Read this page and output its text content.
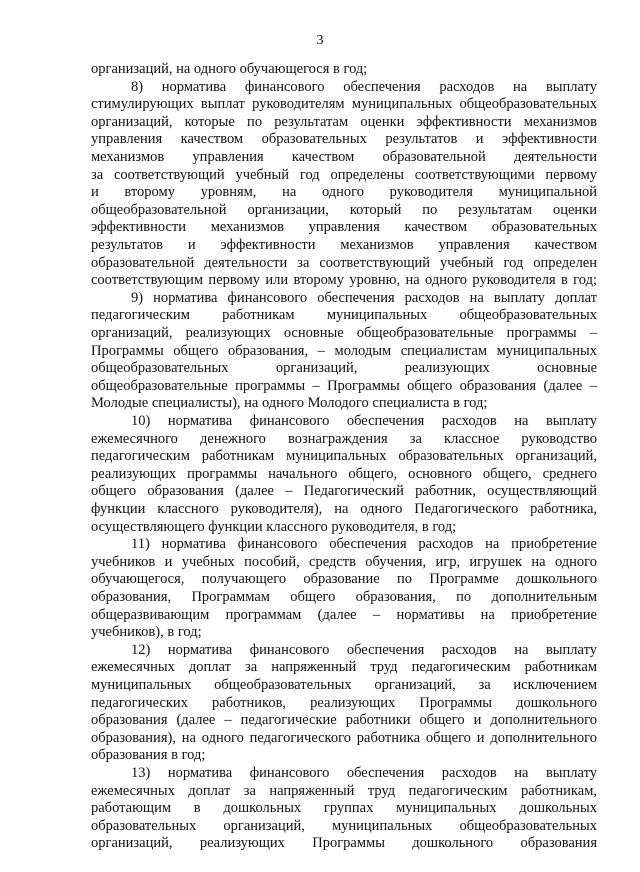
3
организаций, на одного обучающегося в год;
8) норматива финансового обеспечения расходов на выплату
стимулирующих выплат руководителям муниципальных общеобразовательных
организаций, которые по результатам оценки эффективности механизмов
управления качеством образовательных результатов и эффективности
механизмов управления качеством образовательной деятельности
за соответствующий учебный год определены соответствующими первому
и второму уровням, на одного руководителя муниципальной
общеобразовательной организации, который по результатам оценки
эффективности механизмов управления качеством образовательных
результатов и эффективности механизмов управления качеством
образовательной деятельности за соответствующий учебный год определен
соответствующим первому или второму уровню, на одного руководителя в год;
9) норматива финансового обеспечения расходов на выплату доплат
педагогическим работникам муниципальных общеобразовательных
организаций, реализующих основные общеобразовательные программы –
Программы общего образования, – молодым специалистам муниципальных
общеобразовательных организаций, реализующих основные
общеобразовательные программы – Программы общего образования (далее –
Молодые специалисты), на одного Молодого специалиста в год;
10) норматива финансового обеспечения расходов на выплату
ежемесячного денежного вознаграждения за классное руководство
педагогическим работникам муниципальных образовательных организаций,
реализующих программы начального общего, основного общего, среднего
общего образования (далее – Педагогический работник, осуществляющий
функции классного руководителя), на одного Педагогического работника,
осуществляющего функции классного руководителя, в год;
11) норматива финансового обеспечения расходов на приобретение
учебников и учебных пособий, средств обучения, игр, игрушек на одного
обучающегося, получающего образование по Программе дошкольного
образования, Программам общего образования, по дополнительным
общеразвивающим программам (далее – нормативы на приобретение
учебников), в год;
12) норматива финансового обеспечения расходов на выплату
ежемесячных доплат за напряженный труд педагогическим работникам
муниципальных общеобразовательных организаций, за исключением
педагогических работников, реализующих Программы дошкольного
образования (далее – педагогические работники общего и дополнительного
образования), на одного педагогического работника общего и дополнительного
образования в год;
13) норматива финансового обеспечения расходов на выплату
ежемесячных доплат за напряженный труд педагогическим работникам,
работающим в дошкольных группах муниципальных дошкольных
образовательных организаций, муниципальных общеобразовательных
организаций, реализующих Программы дошкольного образования
